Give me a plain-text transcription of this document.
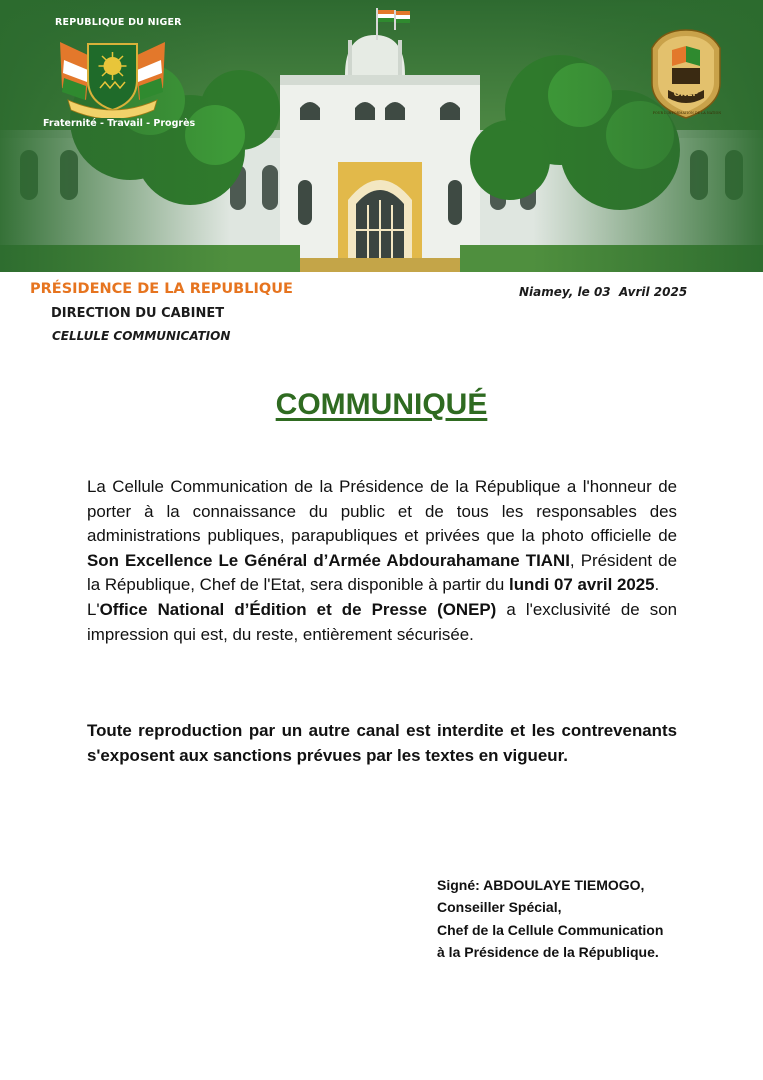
REPUBLIQUE DU NIGER
Fraternité - Travail - Progrès
ONEP
POUR L'INFORMATION DE LA NATION
PRÉSIDENCE DE LA REPUBLIQUE
DIRECTION DU CABINET
CELLULE COMMUNICATION
Niamey, le 03  Avril 2025
COMMUNIQUÉ

La Cellule Communication de la Présidence de la République a l'honneur de porter à la connaissance du public et de tous les responsables des administrations publiques, parapubliques et privées que la photo officielle de Son Excellence Le Général d’Armée Abdourahamane TIANI, Président de la République, Chef de l'Etat, sera disponible à partir du lundi 07 avril 2025.

L'Office National d’Édition et de Presse (ONEP) a l'exclusivité de son impression qui est, du reste, entièrement sécurisée.

Toute reproduction par un autre canal est interdite et les contrevenants s'exposent aux sanctions prévues par les textes en vigueur.
Signé: ABDOULAYE TIEMOGO,
Conseiller Spécial,
Chef de la Cellule Communication
à la Présidence de la République.
